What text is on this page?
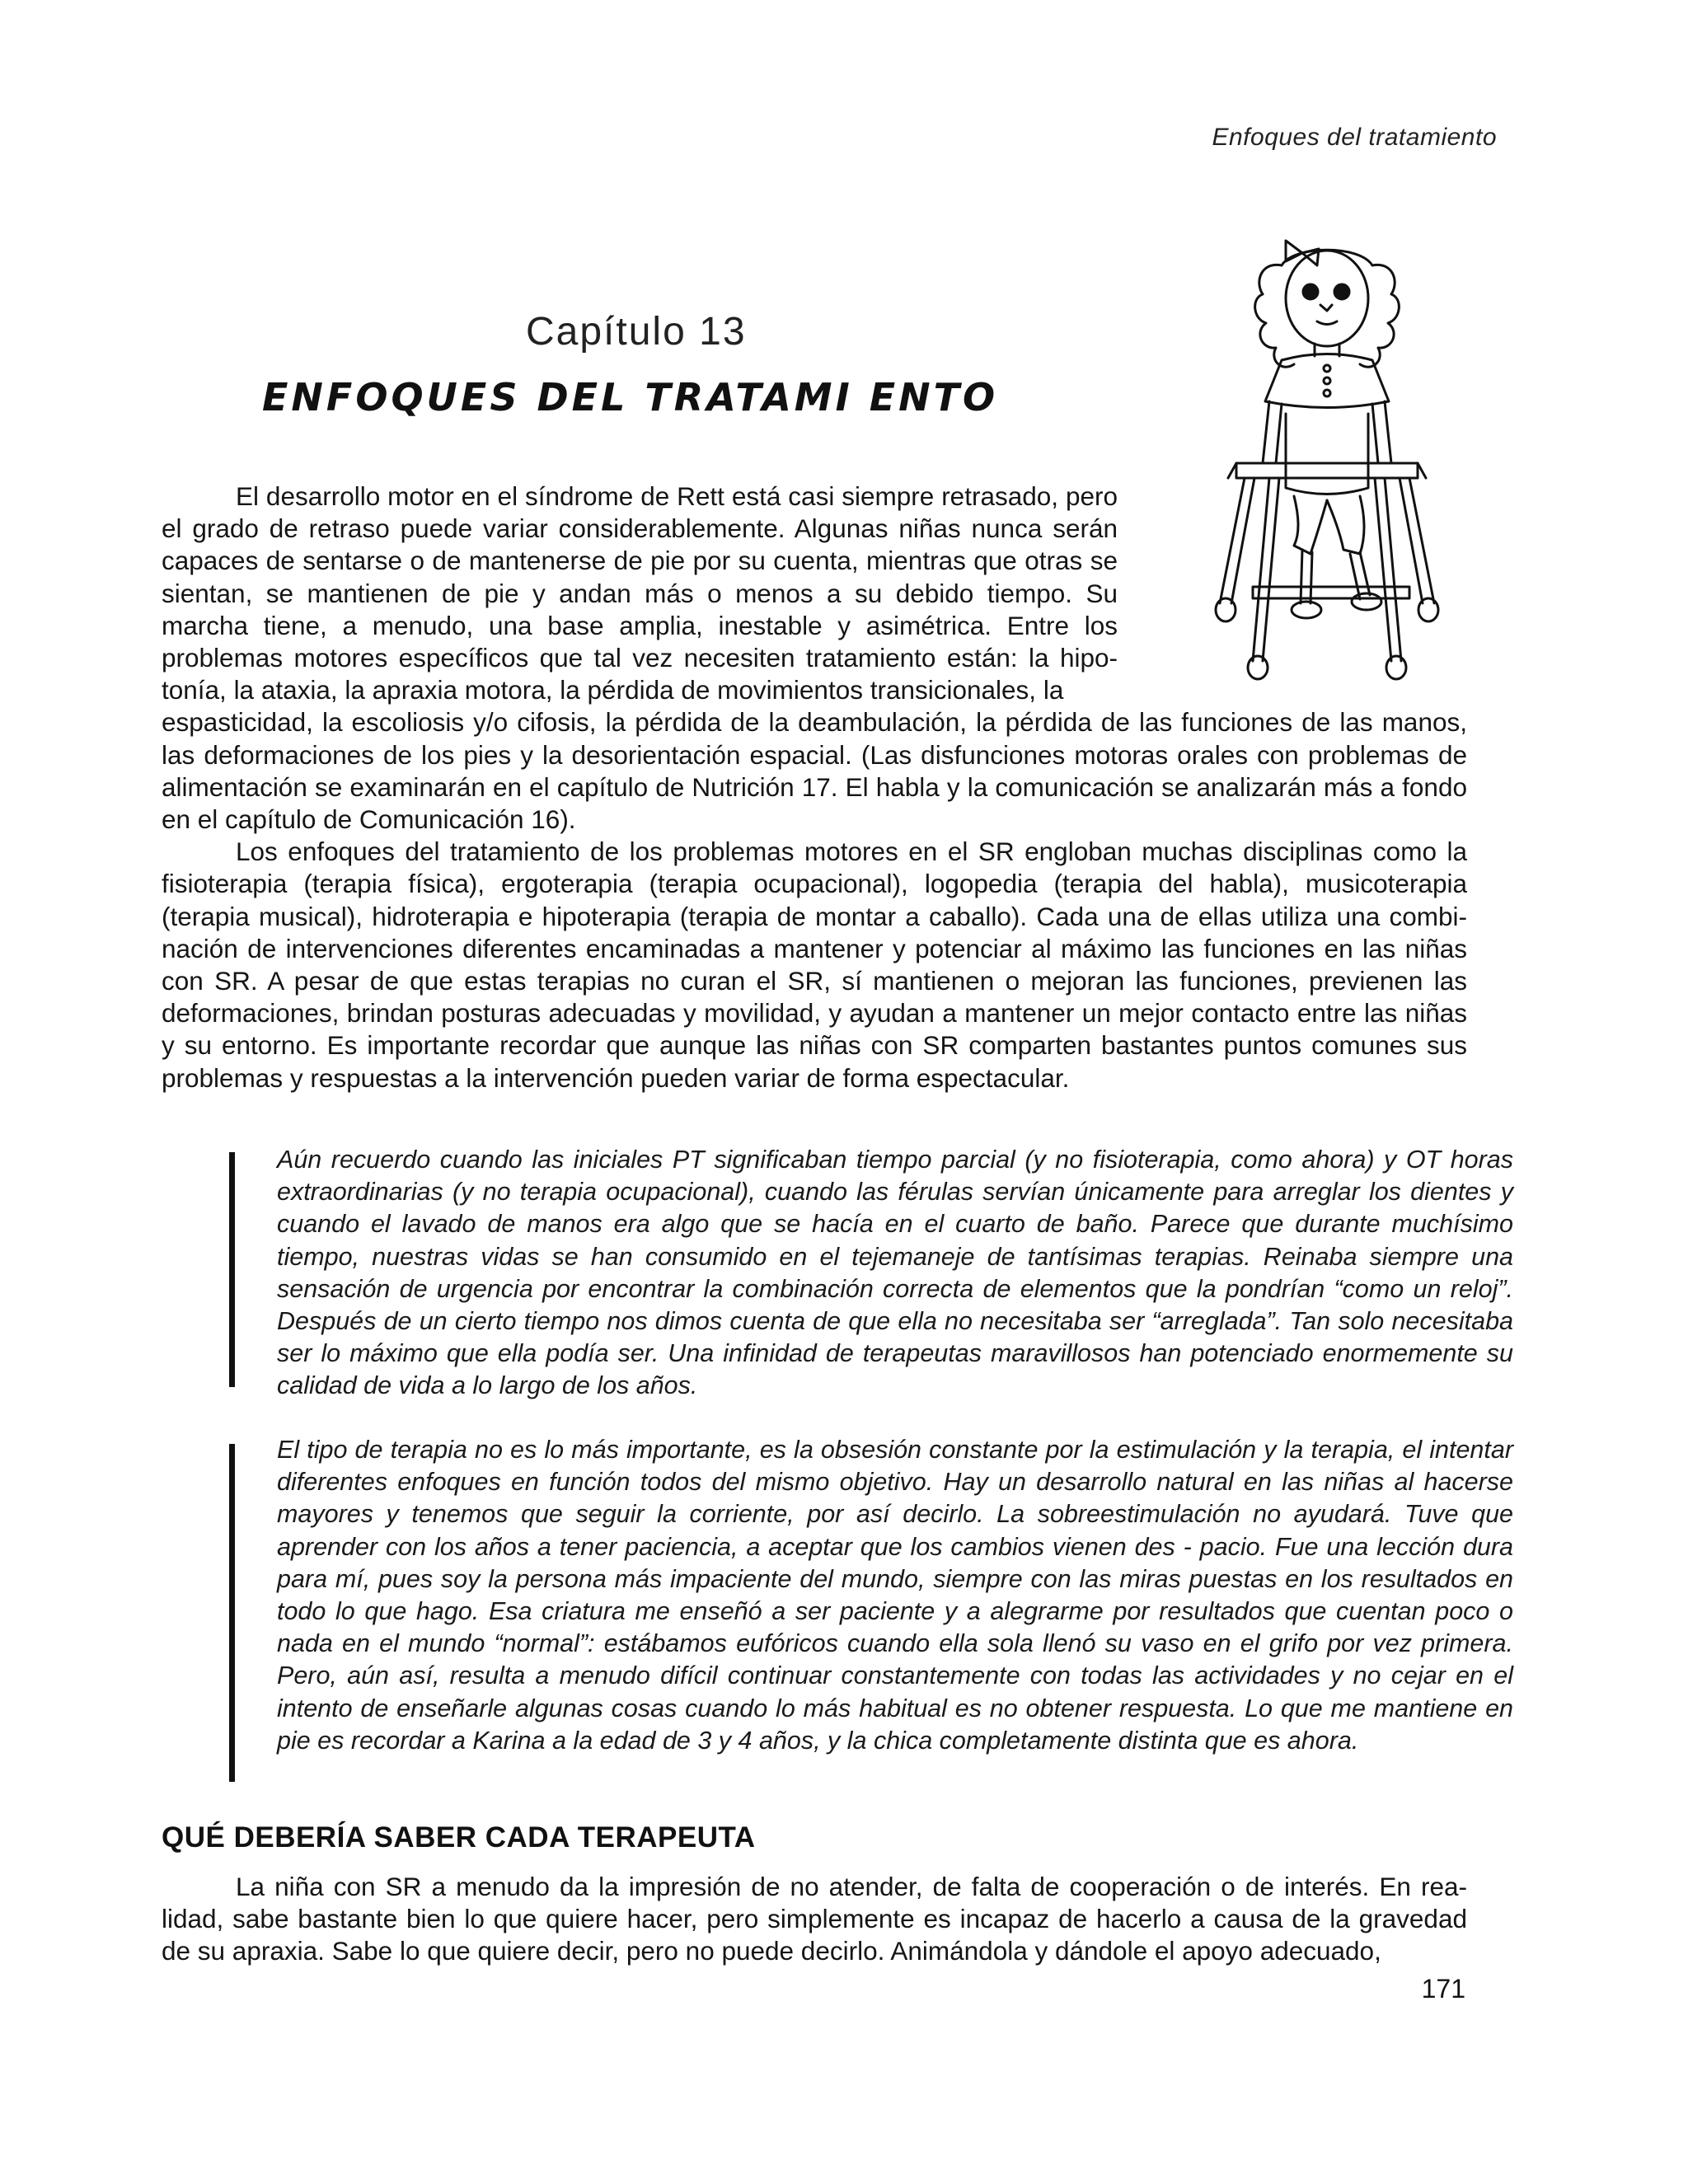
Enfoques del tratamiento
Capítulo 13
ENFOQUES DEL TRATAMI ENTO
El desarrollo motor en el síndrome de Rett está casi siempre retrasado, pero el grado de retraso puede variar considerablemente. Algunas niñas nunca serán capaces de sentarse o de mantenerse de pie por su cuenta, mientras que otras se sientan, se mantienen de pie y andan más o menos a su debido tiempo. Su marcha tiene, a menudo, una base amplia, inestable y asimétrica. Entre los problemas motores específicos que tal vez necesiten tratamiento están: la hipo-tonía, la ataxia, la apraxia motora, la pérdida de movimientos transicionales, la
espasticidad, la escoliosis y/o cifosis, la pérdida de la deambulación, la pérdida de las funciones de las manos, las deformaciones de los pies y la desorientación espacial. (Las disfunciones motoras orales con problemas de alimentación se examinarán en el capítulo de Nutrición 17. El habla y la comunicación se analizarán más a fondo en el capítulo de Comunicación 16).

Los enfoques del tratamiento de los problemas motores en el SR engloban muchas disciplinas como la fisioterapia (terapia física), ergoterapia (terapia ocupacional), logopedia (terapia del habla), musicoterapia (terapia musical), hidroterapia e hipoterapia (terapia de montar a caballo). Cada una de ellas utiliza una combi-nación de intervenciones diferentes encaminadas a mantener y potenciar al máximo las funciones en las niñas con SR. A pesar de que estas terapias no curan el SR, sí mantienen o mejoran las funciones, previenen las deformaciones, brindan posturas adecuadas y movilidad, y ayudan a mantener un mejor contacto entre las niñas y su entorno. Es importante recordar que aunque las niñas con SR comparten bastantes puntos comunes sus problemas y respuestas a la intervención pueden variar de forma espectacular.

Aún recuerdo cuando las iniciales PT significaban tiempo parcial (y no fisioterapia, como ahora) y OT horas extraordinarias (y no terapia ocupacional), cuando las férulas servían únicamente para arreglar los dientes y cuando el lavado de manos era algo que se hacía en el cuarto de baño. Parece que durante muchísimo tiempo, nuestras vidas se han consumido en el tejemaneje de tantísimas terapias. Reinaba siempre una sensación de urgencia por encontrar la combinación correcta de elementos que la pondrían “como un reloj”. Después de un cierto tiempo nos dimos cuenta de que ella no necesitaba ser “arreglada”. Tan solo necesitaba ser lo máximo que ella podía ser. Una infinidad de terapeutas maravillosos han potenciado enormemente su calidad de vida a lo largo de los años.
El tipo de terapia no es lo más importante, es la obsesión constante por la estimulación y la terapia, el intentar diferentes enfoques en función todos del mismo objetivo. Hay un desarrollo natural en las niñas al hacerse mayores y tenemos que seguir la corriente, por así decirlo. La sobreestimulación no ayudará. Tuve que aprender con los años a tener paciencia, a aceptar que los cambios vienen des - pacio. Fue una lección dura para mí, pues soy la persona más impaciente del mundo, siempre con las miras puestas en los resultados en todo lo que hago. Esa criatura me enseñó a ser paciente y a alegrarme por resultados que cuentan poco o nada en el mundo “normal”: estábamos eufóricos cuando ella sola llenó su vaso en el grifo por vez primera. Pero, aún así, resulta a menudo difícil continuar constantemente con todas las actividades y no cejar en el intento de enseñarle algunas cosas cuando lo más habitual es no obtener respuesta. Lo que me mantiene en pie es recordar a Karina a la edad de 3 y 4 años, y la chica completamente distinta que es ahora.
QUÉ DEBERÍA SABER CADA TERAPEUTA

La niña con SR a menudo da la impresión de no atender, de falta de cooperación o de interés. En rea-lidad, sabe bastante bien lo que quiere hacer, pero simplemente es incapaz de hacerlo a causa de la gravedad de su apraxia. Sabe lo que quiere decir, pero no puede decirlo. Animándola y dándole el apoyo adecuado,

171
